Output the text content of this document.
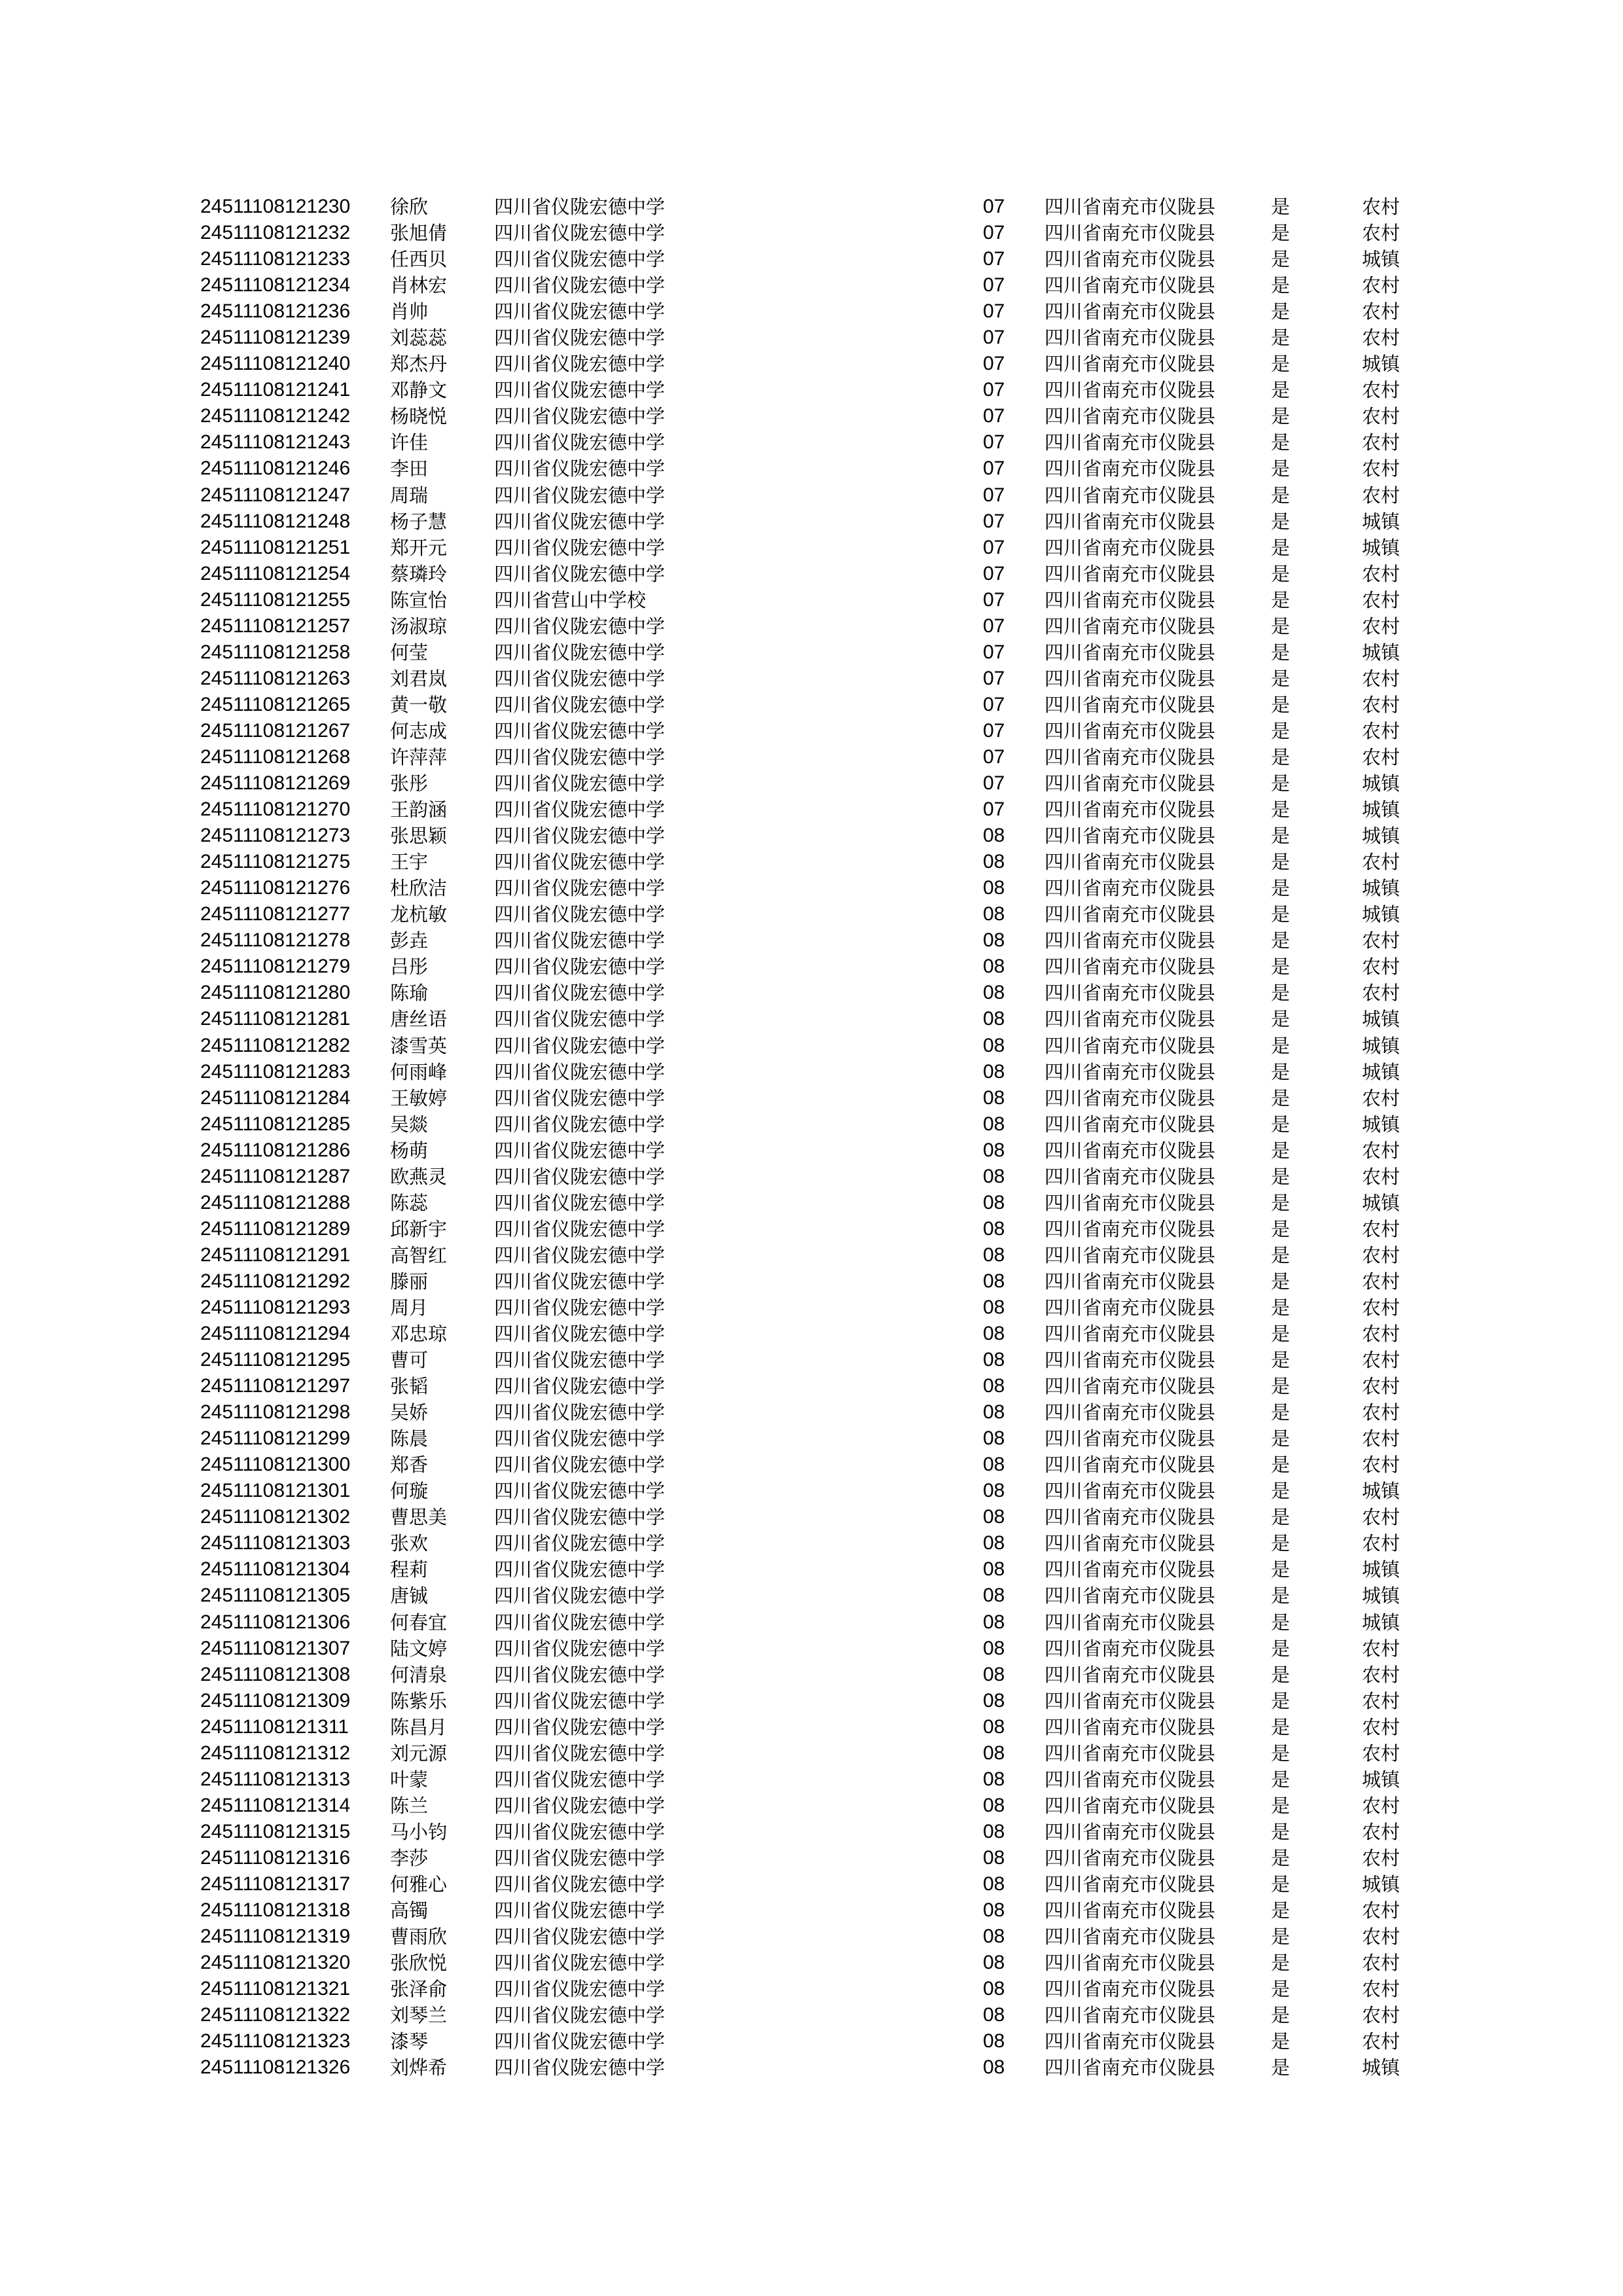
24511108121230 徐欣	四川省仪陇宏德中学	07 四川省南充市仪陇县	是	农村
24511108121232 张旭倩 四川省仪陇宏德中学	07 四川省南充市仪陇县	是	农村
24511108121233 任西贝 四川省仪陇宏德中学	07 四川省南充市仪陇县	是	城镇
24511108121234 肖林宏 四川省仪陇宏德中学	07 四川省南充市仪陇县	是	农村
24511108121236 肖帅	四川省仪陇宏德中学	07 四川省南充市仪陇县	是	农村
24511108121239 刘蕊蕊 四川省仪陇宏德中学	07 四川省南充市仪陇县	是	农村
24511108121240 郑杰丹 四川省仪陇宏德中学	07 四川省南充市仪陇县	是	城镇
24511108121241 邓静文 四川省仪陇宏德中学	07 四川省南充市仪陇县	是	农村
24511108121242 杨晓悦 四川省仪陇宏德中学	07 四川省南充市仪陇县	是	农村
24511108121243 许佳	四川省仪陇宏德中学	07 四川省南充市仪陇县	是	农村
24511108121246 李田	四川省仪陇宏德中学	07 四川省南充市仪陇县	是	农村
24511108121247 周瑞	四川省仪陇宏德中学	07 四川省南充市仪陇县	是	农村
24511108121248 杨子慧 四川省仪陇宏德中学	07 四川省南充市仪陇县	是	城镇
24511108121251 郑开元 四川省仪陇宏德中学	07 四川省南充市仪陇县	是	城镇
24511108121254 蔡璘玲 四川省仪陇宏德中学	07 四川省南充市仪陇县	是	农村
24511108121255 陈宣怡 四川省营山中学校	07 四川省南充市仪陇县	是	农村
24511108121257 汤淑琼 四川省仪陇宏德中学	07 四川省南充市仪陇县	是	农村
24511108121258 何莹	四川省仪陇宏德中学	07 四川省南充市仪陇县	是	城镇
24511108121263 刘君岚 四川省仪陇宏德中学	07 四川省南充市仪陇县	是	农村
24511108121265 黄一敬 四川省仪陇宏德中学	07 四川省南充市仪陇县	是	农村
24511108121267 何志成 四川省仪陇宏德中学	07 四川省南充市仪陇县	是	农村
24511108121268 许萍萍 四川省仪陇宏德中学	07 四川省南充市仪陇县	是	农村
24511108121269 张彤	四川省仪陇宏德中学	07 四川省南充市仪陇县	是	城镇
24511108121270 王韵涵 四川省仪陇宏德中学	07 四川省南充市仪陇县	是	城镇
24511108121273 张思颖 四川省仪陇宏德中学	08 四川省南充市仪陇县	是	城镇
24511108121275 王宇	四川省仪陇宏德中学	08 四川省南充市仪陇县	是	农村
24511108121276 杜欣洁 四川省仪陇宏德中学	08 四川省南充市仪陇县	是	城镇
24511108121277 龙杭敏 四川省仪陇宏德中学	08 四川省南充市仪陇县	是	城镇
24511108121278 彭垚	四川省仪陇宏德中学	08 四川省南充市仪陇县	是	农村
24511108121279 吕彤	四川省仪陇宏德中学	08 四川省南充市仪陇县	是	农村
24511108121280 陈瑜	四川省仪陇宏德中学	08 四川省南充市仪陇县	是	农村
24511108121281 唐丝语 四川省仪陇宏德中学	08 四川省南充市仪陇县	是	城镇
24511108121282 漆雪英 四川省仪陇宏德中学	08 四川省南充市仪陇县	是	城镇
24511108121283 何雨峰 四川省仪陇宏德中学	08 四川省南充市仪陇县	是	城镇
24511108121284 王敏婷 四川省仪陇宏德中学	08 四川省南充市仪陇县	是	农村
24511108121285 吴燚	四川省仪陇宏德中学	08 四川省南充市仪陇县	是	城镇
24511108121286 杨萌	四川省仪陇宏德中学	08 四川省南充市仪陇县	是	农村
24511108121287 欧燕灵 四川省仪陇宏德中学	08 四川省南充市仪陇县	是	农村
24511108121288 陈蕊	四川省仪陇宏德中学	08 四川省南充市仪陇县	是	城镇
24511108121289 邱新宇 四川省仪陇宏德中学	08 四川省南充市仪陇县	是	农村
24511108121291 高智红 四川省仪陇宏德中学	08 四川省南充市仪陇县	是	农村
24511108121292 滕丽	四川省仪陇宏德中学	08 四川省南充市仪陇县	是	农村
24511108121293 周月	四川省仪陇宏德中学	08 四川省南充市仪陇县	是	农村
24511108121294 邓忠琼 四川省仪陇宏德中学	08 四川省南充市仪陇县	是	农村
24511108121295 曹可	四川省仪陇宏德中学	08 四川省南充市仪陇县	是	农村
24511108121297 张韬	四川省仪陇宏德中学	08 四川省南充市仪陇县	是	农村
24511108121298 吴娇	四川省仪陇宏德中学	08 四川省南充市仪陇县	是	农村
24511108121299 陈晨	四川省仪陇宏德中学	08 四川省南充市仪陇县	是	农村
24511108121300 郑香	四川省仪陇宏德中学	08 四川省南充市仪陇县	是	农村
24511108121301 何璇	四川省仪陇宏德中学	08 四川省南充市仪陇县	是	城镇
24511108121302 曹思美 四川省仪陇宏德中学	08 四川省南充市仪陇县	是	农村
24511108121303 张欢	四川省仪陇宏德中学	08 四川省南充市仪陇县	是	农村
24511108121304 程莉	四川省仪陇宏德中学	08 四川省南充市仪陇县	是	城镇
24511108121305 唐铖	四川省仪陇宏德中学	08 四川省南充市仪陇县	是	城镇
24511108121306 何春宜 四川省仪陇宏德中学	08 四川省南充市仪陇县	是	城镇
24511108121307 陆文婷 四川省仪陇宏德中学	08 四川省南充市仪陇县	是	农村
24511108121308 何清泉 四川省仪陇宏德中学	08 四川省南充市仪陇县	是	农村
24511108121309 陈紫乐 四川省仪陇宏德中学	08 四川省南充市仪陇县	是	农村
24511108121311 陈昌月 四川省仪陇宏德中学	08 四川省南充市仪陇县	是	农村
24511108121312 刘元源 四川省仪陇宏德中学	08 四川省南充市仪陇县	是	农村
24511108121313 叶蒙	四川省仪陇宏德中学	08 四川省南充市仪陇县	是	城镇
24511108121314 陈兰	四川省仪陇宏德中学	08 四川省南充市仪陇县	是	农村
24511108121315 马小钧 四川省仪陇宏德中学	08 四川省南充市仪陇县	是	农村
24511108121316 李莎	四川省仪陇宏德中学	08 四川省南充市仪陇县	是	农村
24511108121317 何雅心 四川省仪陇宏德中学	08 四川省南充市仪陇县	是	城镇
24511108121318 高镯	四川省仪陇宏德中学	08 四川省南充市仪陇县	是	农村
24511108121319 曹雨欣 四川省仪陇宏德中学	08 四川省南充市仪陇县	是	农村
24511108121320 张欣悦 四川省仪陇宏德中学	08 四川省南充市仪陇县	是	农村
24511108121321 张泽俞 四川省仪陇宏德中学	08 四川省南充市仪陇县	是	农村
24511108121322 刘琴兰 四川省仪陇宏德中学	08 四川省南充市仪陇县	是	农村
24511108121323 漆琴	四川省仪陇宏德中学	08 四川省南充市仪陇县	是	农村
24511108121326 刘烨希 四川省仪陇宏德中学	08 四川省南充市仪陇县	是	城镇
